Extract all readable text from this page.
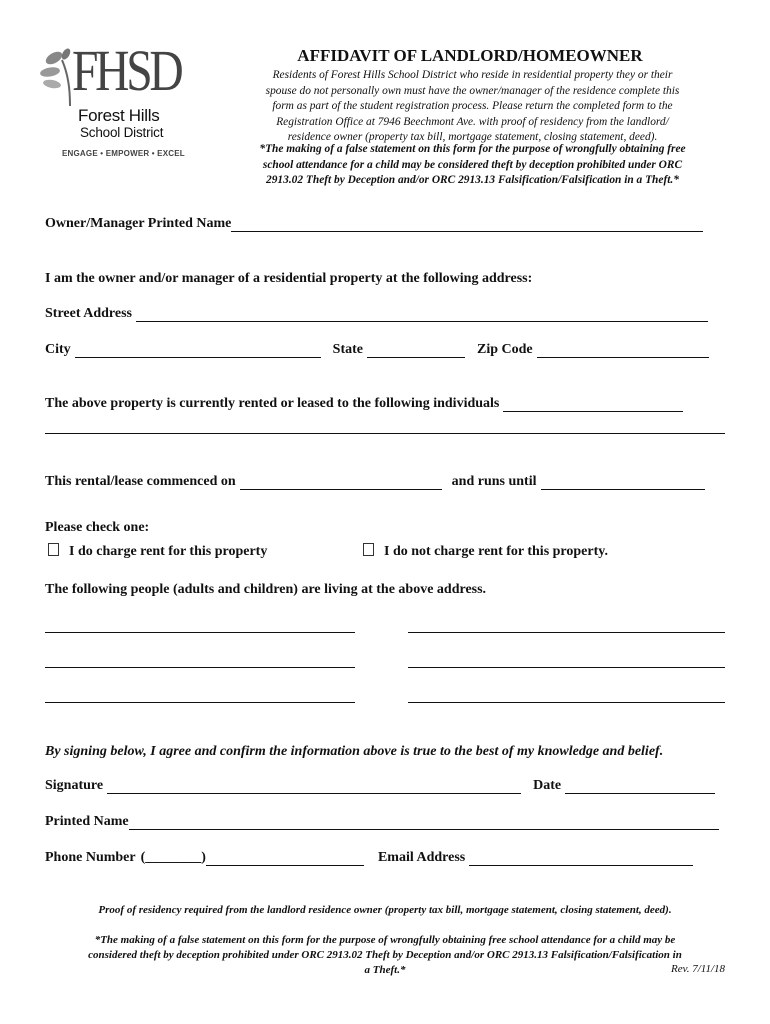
FHSD
Forest Hills
School District
ENGAGE • EMPOWER • EXCEL
AFFIDAVIT OF LANDLORD/HOMEOWNER
Residents of Forest Hills School District who reside in residential property they or their
spouse do not personally own must have the owner/manager of the residence complete this
form as part of the student registration process. Please return the completed form to the
Registration Office at 7946 Beechmont Ave. with proof of residency from the landlord/
residence owner (property tax bill, mortgage statement, closing statement, deed).
*The making of a false statement on this form for the purpose of wrongfully obtaining free
school attendance for a child may be considered theft by deception prohibited under ORC
2913.02 Theft by Deception and/or ORC 2913.13 Falsification/Falsification in a Theft.*
Owner/Manager Printed Name
I am the owner and/or manager of a residential property at the following address:
Street Address
City	State	Zip Code
The above property is currently rented or leased to the following individuals
This rental/lease commenced on	and runs until
Please check one:
I do charge rent for this property	I do not charge rent for this property.
The following people (adults and children) are living at the above address.
By signing below, I agree and confirm the information above is true to the best of my knowledge and belief.
Signature	Date
Printed Name
Phone Number (________)	Email Address
Proof of residency required from the landlord residence owner (property tax bill, mortgage statement, closing statement, deed).
*The making of a false statement on this form for the purpose of wrongfully obtaining free school attendance for a child may be
considered theft by deception prohibited under ORC 2913.02 Theft by Deception and/or ORC 2913.13 Falsification/Falsification in
a Theft.*	Rev. 7/11/18
